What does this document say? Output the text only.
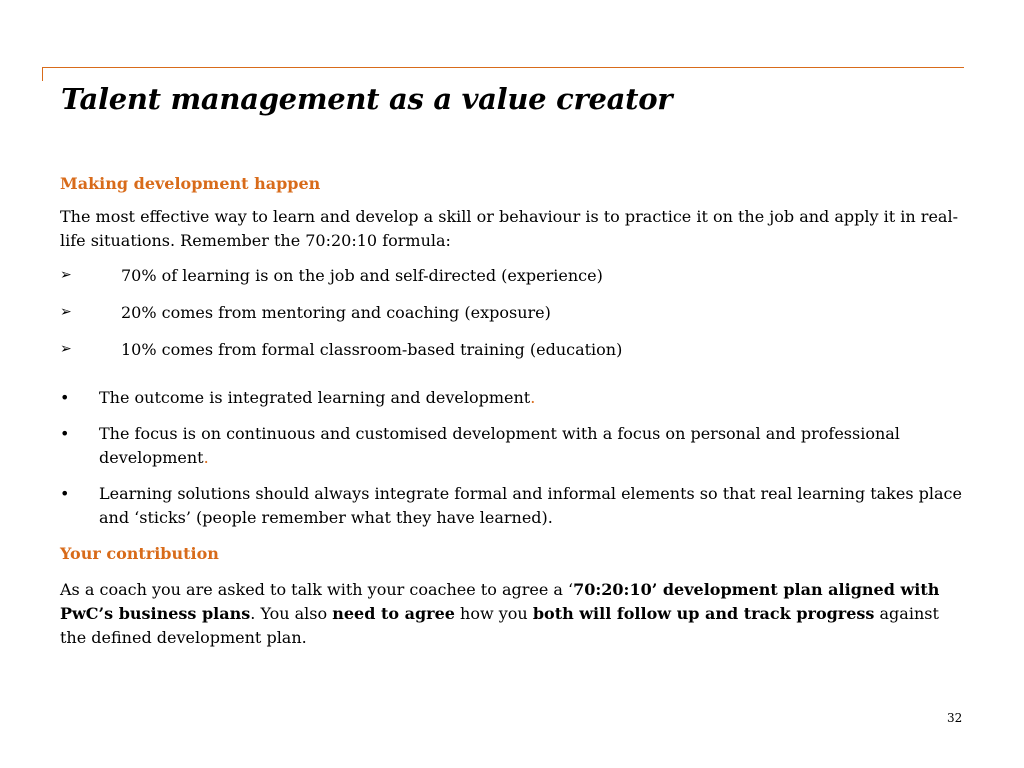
Talent management as a value creator

Making development happen

The most effective way to learn and develop a skill or behaviour is to practice it on the job and apply it in real-life situations. Remember the 70:20:10 formula:

➢	70% of learning is on the job and self-directed (experience)
➢	20% comes from mentoring and coaching (exposure)
➢	10% comes from formal classroom-based training (education)
•	The outcome is integrated learning and development.
•	The focus is on continuous and customised development with a focus on personal and professional development.
•	Learning solutions should always integrate formal and informal elements so that real learning takes place and ‘sticks’ (people remember what they have learned).

Your contribution

As a coach you are asked to talk with your coachee to agree a ‘70:20:10’ development plan aligned with PwC’s business plans. You also need to agree how you both will follow up and track progress against the defined development plan.

32
